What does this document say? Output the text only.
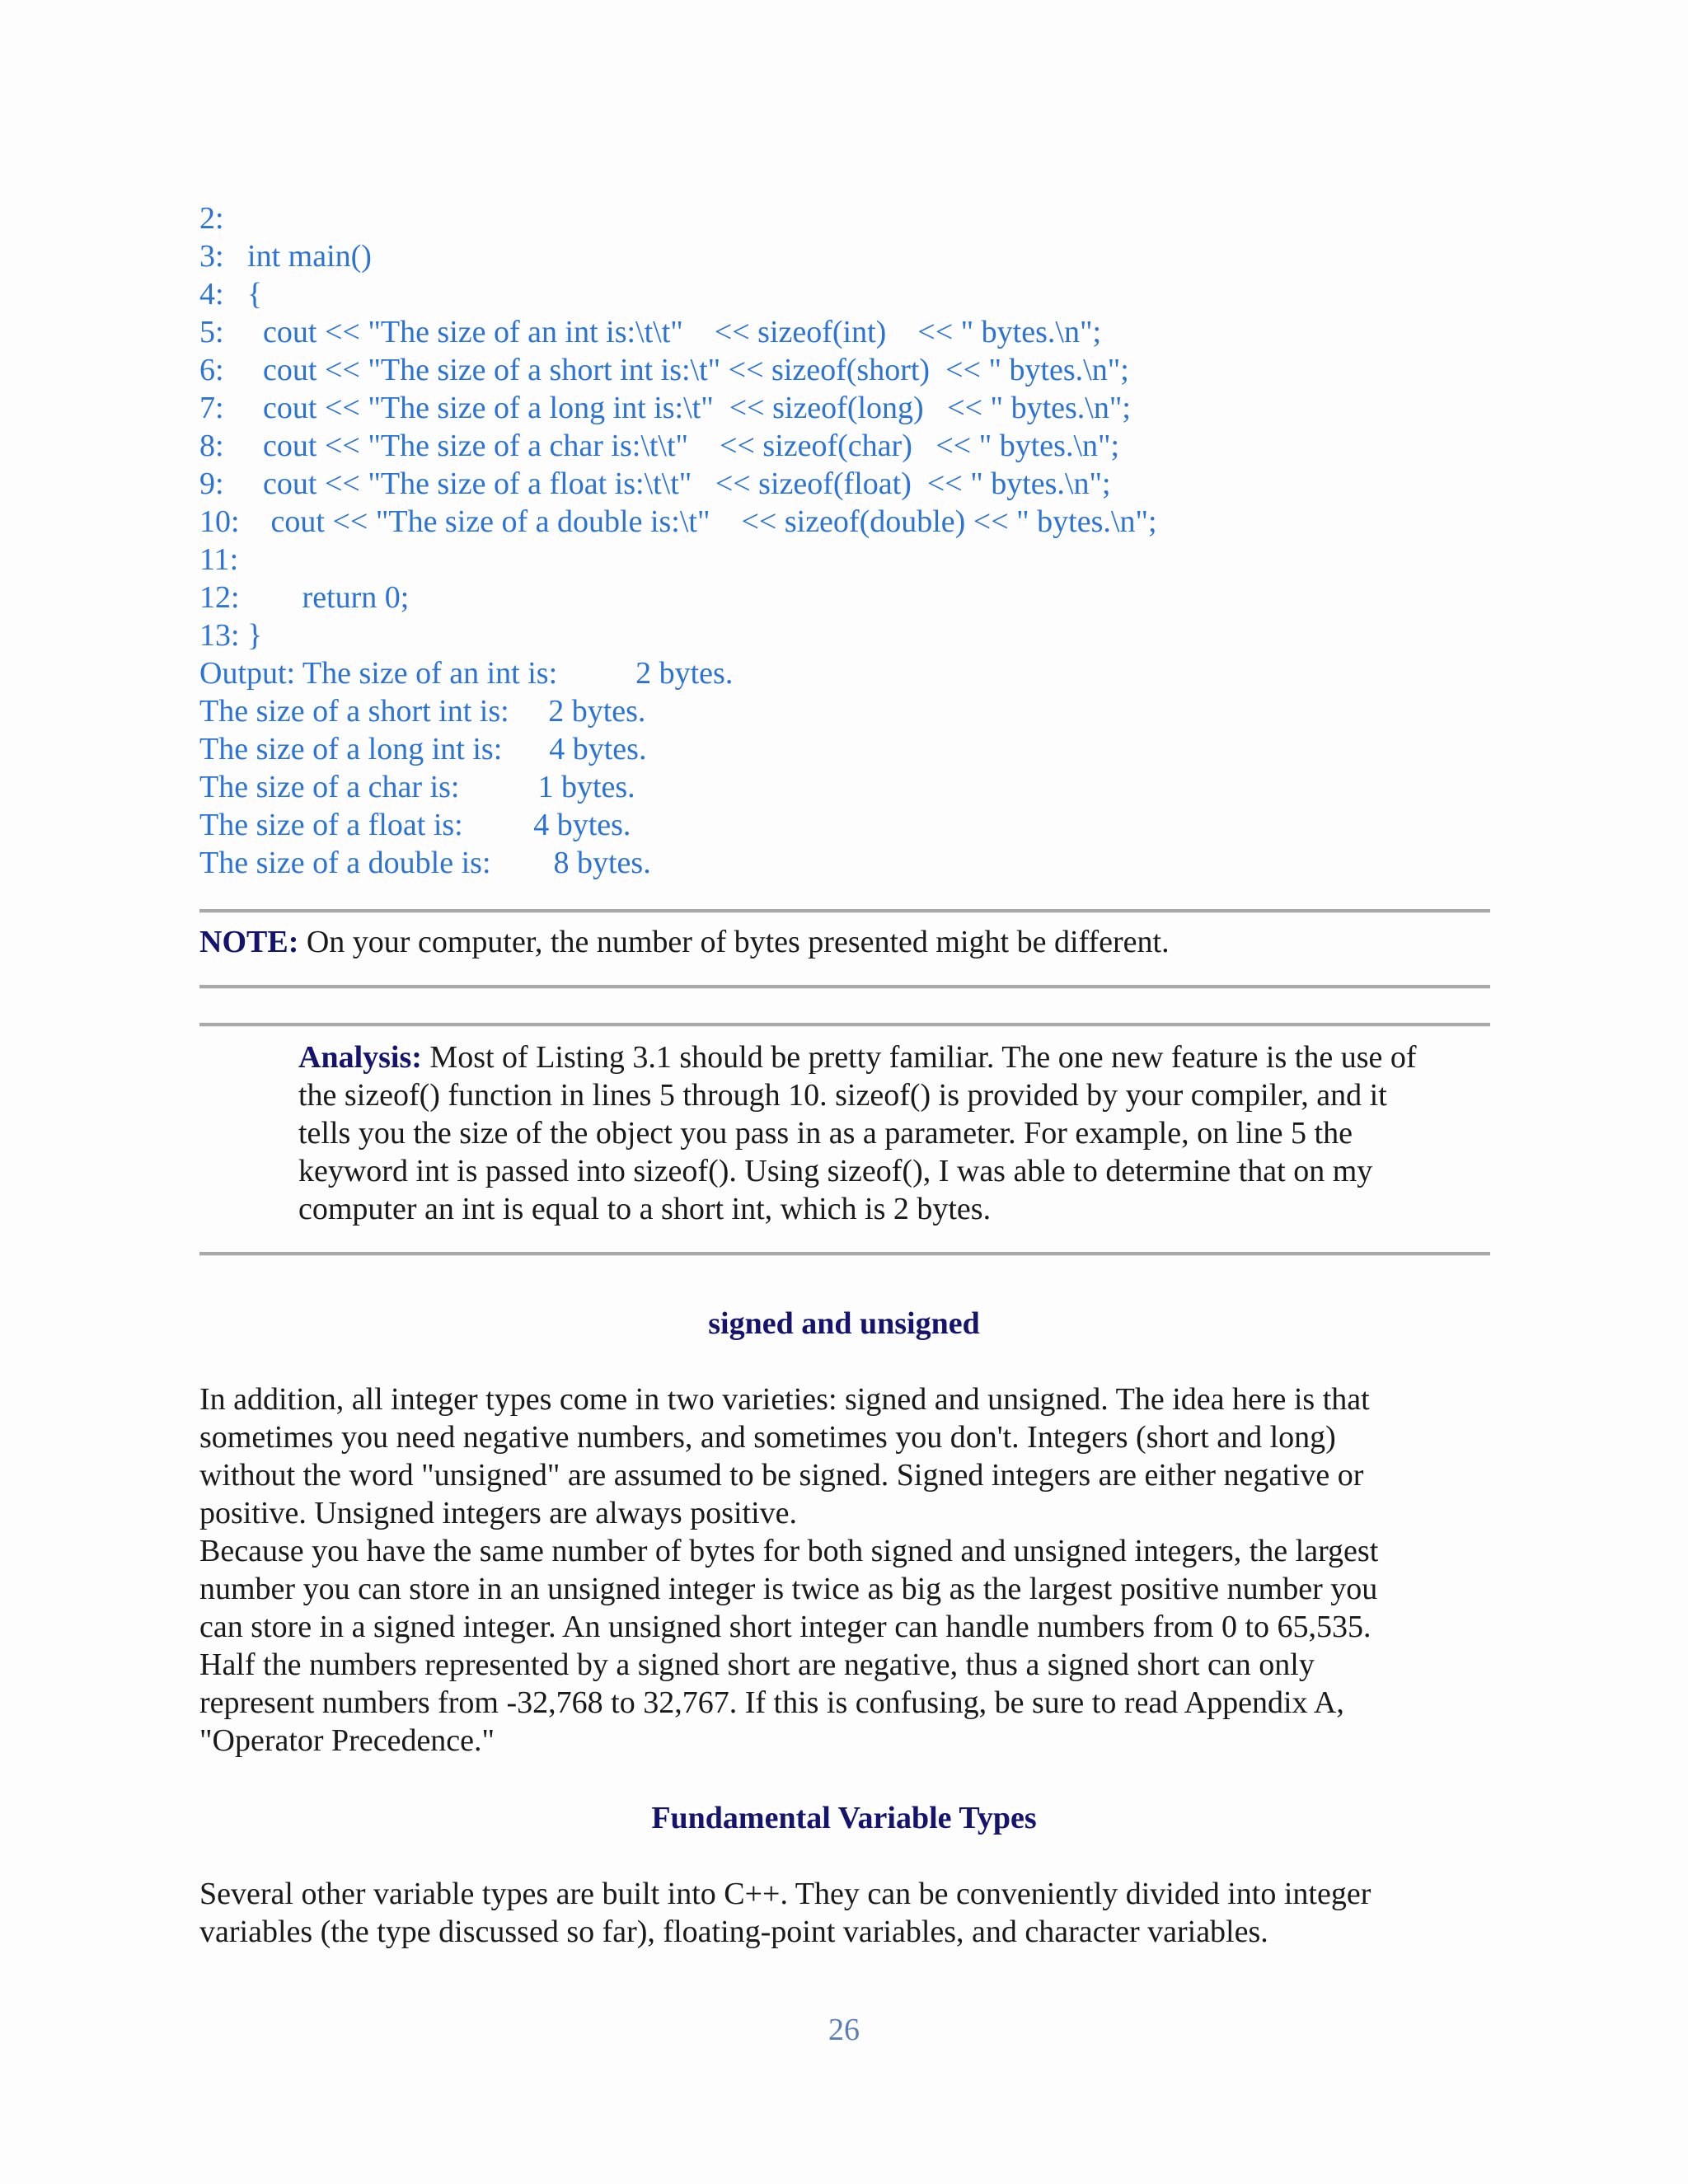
2:
3:   int main()
4:   {
5:     cout << "The size of an int is:\t\t"    << sizeof(int)    << " bytes.\n";
6:     cout << "The size of a short int is:\t" << sizeof(short)  << " bytes.\n";
7:     cout << "The size of a long int is:\t"  << sizeof(long)   << " bytes.\n";
8:     cout << "The size of a char is:\t\t"    << sizeof(char)   << " bytes.\n";
9:     cout << "The size of a float is:\t\t"   << sizeof(float)  << " bytes.\n";
10:    cout << "The size of a double is:\t"    << sizeof(double) << " bytes.\n";
11:
12:        return 0;
13: }
Output: The size of an int is:          2 bytes.
The size of a short int is:     2 bytes.
The size of a long int is:      4 bytes.
The size of a char is:          1 bytes.
The size of a float is:         4 bytes.
The size of a double is:        8 bytes.
NOTE: On your computer, the number of bytes presented might be different.
Analysis: Most of Listing 3.1 should be pretty familiar. The one new feature is the use of
the sizeof() function in lines 5 through 10. sizeof() is provided by your compiler, and it
tells you the size of the object you pass in as a parameter. For example, on line 5 the
keyword int is passed into sizeof(). Using sizeof(), I was able to determine that on my
computer an int is equal to a short int, which is 2 bytes.
signed and unsigned
In addition, all integer types come in two varieties: signed and unsigned. The idea here is that
sometimes you need negative numbers, and sometimes you don't. Integers (short and long)
without the word "unsigned" are assumed to be signed. Signed integers are either negative or
positive. Unsigned integers are always positive.
Because you have the same number of bytes for both signed and unsigned integers, the largest
number you can store in an unsigned integer is twice as big as the largest positive number you
can store in a signed integer. An unsigned short integer can handle numbers from 0 to 65,535.
Half the numbers represented by a signed short are negative, thus a signed short can only
represent numbers from -32,768 to 32,767. If this is confusing, be sure to read Appendix A,
"Operator Precedence."
Fundamental Variable Types
Several other variable types are built into C++. They can be conveniently divided into integer
variables (the type discussed so far), floating-point variables, and character variables.
26
